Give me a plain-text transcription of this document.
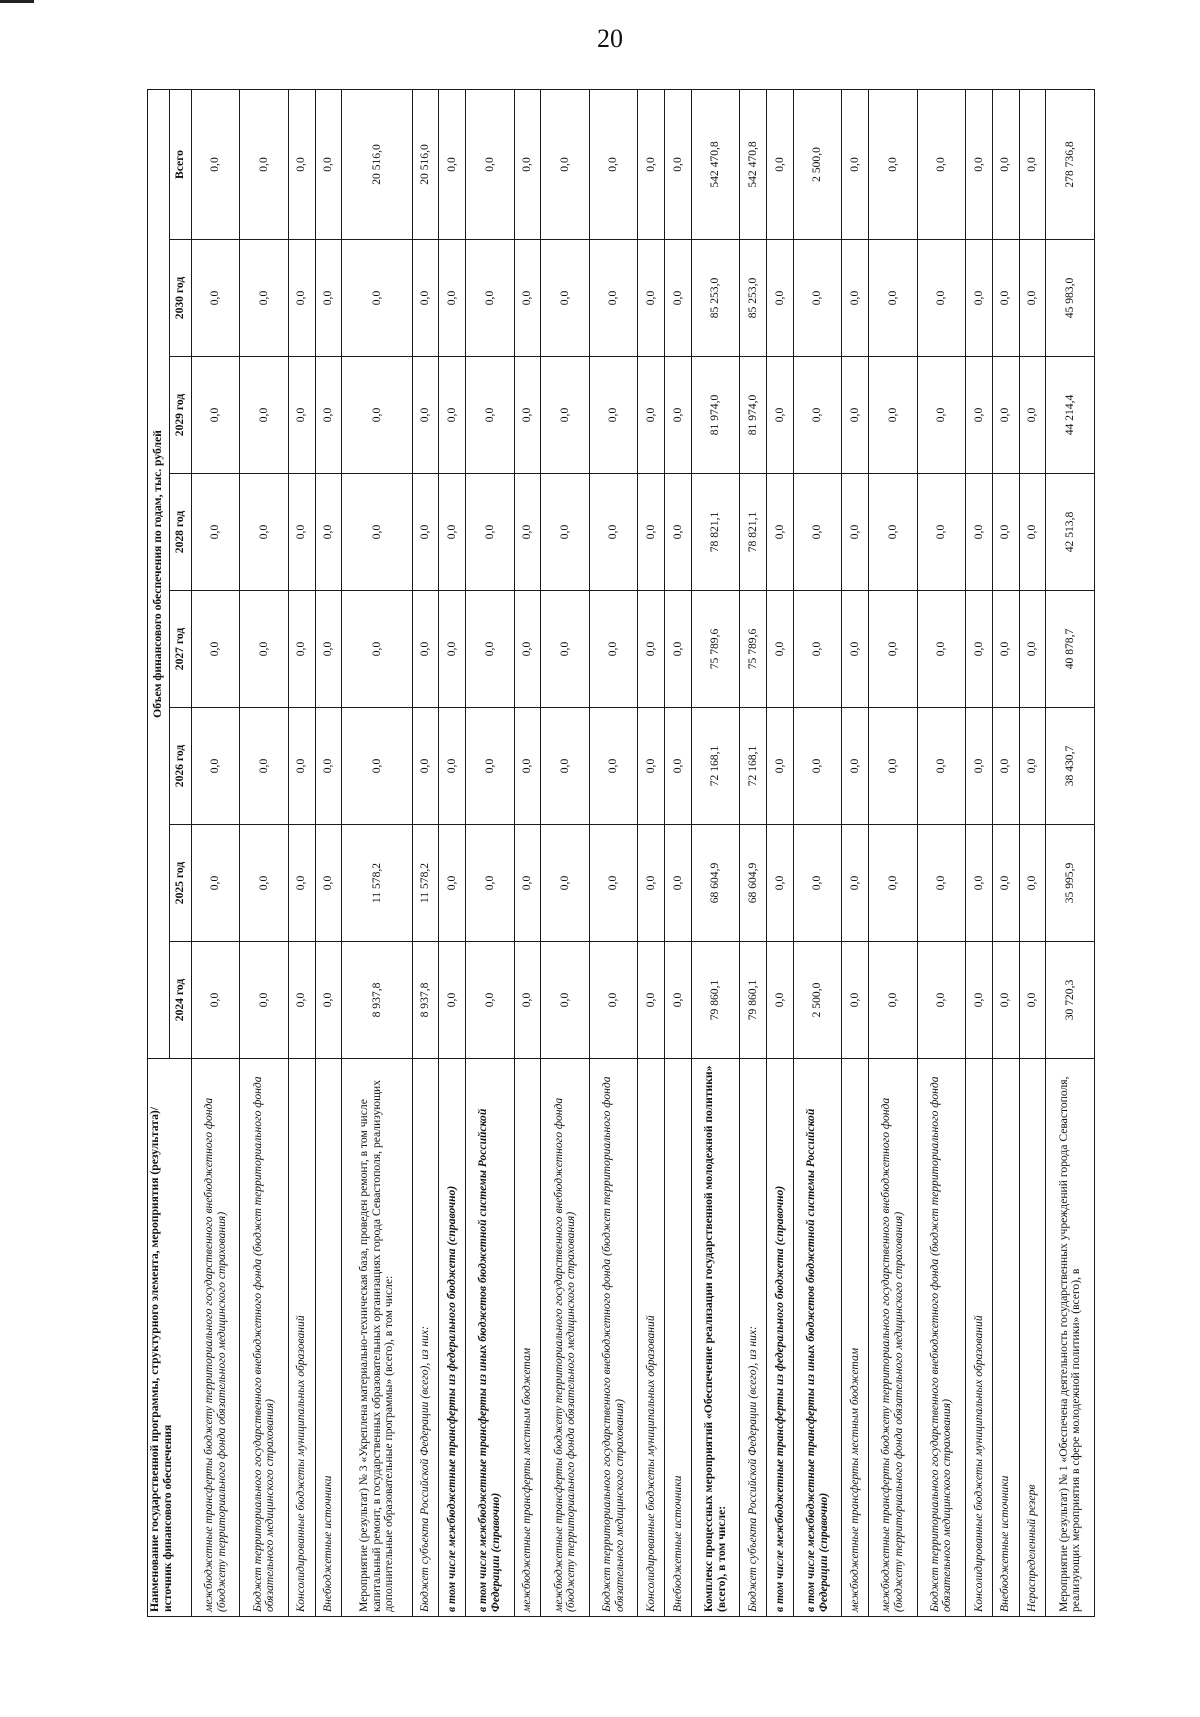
20
Наименование государственной программы, структурного элемента, мероприятия (результата)/источник финансового обеспечения	Объем финансового обеспечения по годам, тыс. рублей							
	2024 год	2025 год	2026 год	2027 год	2028 год	2029 год	2030 год	Всего
межбюджетные трансферты бюджету территориального государственного внебюджетного фонда (бюджету территориального фонда обязательного медицинского страхования)	0,0	0,0	0,0	0,0	0,0	0,0	0,0	0,0
Бюджет территориального государственного внебюджетного фонда (бюджет территориального фонда обязательного медицинского страхования)	0,0	0,0	0,0	0,0	0,0	0,0	0,0	0,0
Консолидированные бюджеты муниципальных образований	0,0	0,0	0,0	0,0	0,0	0,0	0,0	0,0
Внебюджетные источники	0,0	0,0	0,0	0,0	0,0	0,0	0,0	0,0
Мероприятие (результат) № 3 «Укреплена материально-техническая база, проведен ремонт, в том числе капитальный ремонт, в государственных образовательных организациях города Севастополя, реализующих дополнительные образовательные программы» (всего), в том числе:	8 937,8	11 578,2	0,0	0,0	0,0	0,0	0,0	20 516,0
Бюджет субъекта Российской Федерации (всего), из них:	8 937,8	11 578,2	0,0	0,0	0,0	0,0	0,0	20 516,0
в том числе межбюджетные трансферты из федерального бюджета (справочно)	0,0	0,0	0,0	0,0	0,0	0,0	0,0	0,0
в том числе межбюджетные трансферты из иных бюджетов бюджетной системы Российской Федерации (справочно)	0,0	0,0	0,0	0,0	0,0	0,0	0,0	0,0
межбюджетные трансферты местным бюджетам	0,0	0,0	0,0	0,0	0,0	0,0	0,0	0,0
межбюджетные трансферты бюджету территориального государственного внебюджетного фонда (бюджету территориального фонда обязательного медицинского страхования)	0,0	0,0	0,0	0,0	0,0	0,0	0,0	0,0
Бюджет территориального государственного внебюджетного фонда (бюджет территориального фонда обязательного медицинского страхования)	0,0	0,0	0,0	0,0	0,0	0,0	0,0	0,0
Консолидированные бюджеты муниципальных образований	0,0	0,0	0,0	0,0	0,0	0,0	0,0	0,0
Внебюджетные источники	0,0	0,0	0,0	0,0	0,0	0,0	0,0	0,0
Комплекс процессных мероприятий «Обеспечение реализации государственной молодежной политики» (всего), в том числе:	79 860,1	68 604,9	72 168,1	75 789,6	78 821,1	81 974,0	85 253,0	542 470,8
Бюджет субъекта Российской Федерации (всего), из них:	79 860,1	68 604,9	72 168,1	75 789,6	78 821,1	81 974,0	85 253,0	542 470,8
в том числе межбюджетные трансферты из федерального бюджета (справочно)	0,0	0,0	0,0	0,0	0,0	0,0	0,0	0,0
в том числе межбюджетные трансферты из иных бюджетов бюджетной системы Российской Федерации (справочно)	2 500,0	0,0	0,0	0,0	0,0	0,0	0,0	2 500,0
межбюджетные трансферты местным бюджетам	0,0	0,0	0,0	0,0	0,0	0,0	0,0	0,0
межбюджетные трансферты бюджету территориального государственного внебюджетного фонда (бюджету территориального фонда обязательного медицинского страхования)	0,0	0,0	0,0	0,0	0,0	0,0	0,0	0,0
Бюджет территориального государственного внебюджетного фонда (бюджет территориального фонда обязательного медицинского страхования)	0,0	0,0	0,0	0,0	0,0	0,0	0,0	0,0
Консолидированные бюджеты муниципальных образований	0,0	0,0	0,0	0,0	0,0	0,0	0,0	0,0
Внебюджетные источники	0,0	0,0	0,0	0,0	0,0	0,0	0,0	0,0
Нераспределенный резерв	0,0	0,0	0,0	0,0	0,0	0,0	0,0	0,0
Мероприятие (результат) № 1 «Обеспечена деятельность государственных учреждений города Севастополя, реализующих мероприятия в сфере молодежной политики» (всего), в	30 720,3	35 995,9	38 430,7	40 878,7	42 513,8	44 214,4	45 983,0	278 736,8
